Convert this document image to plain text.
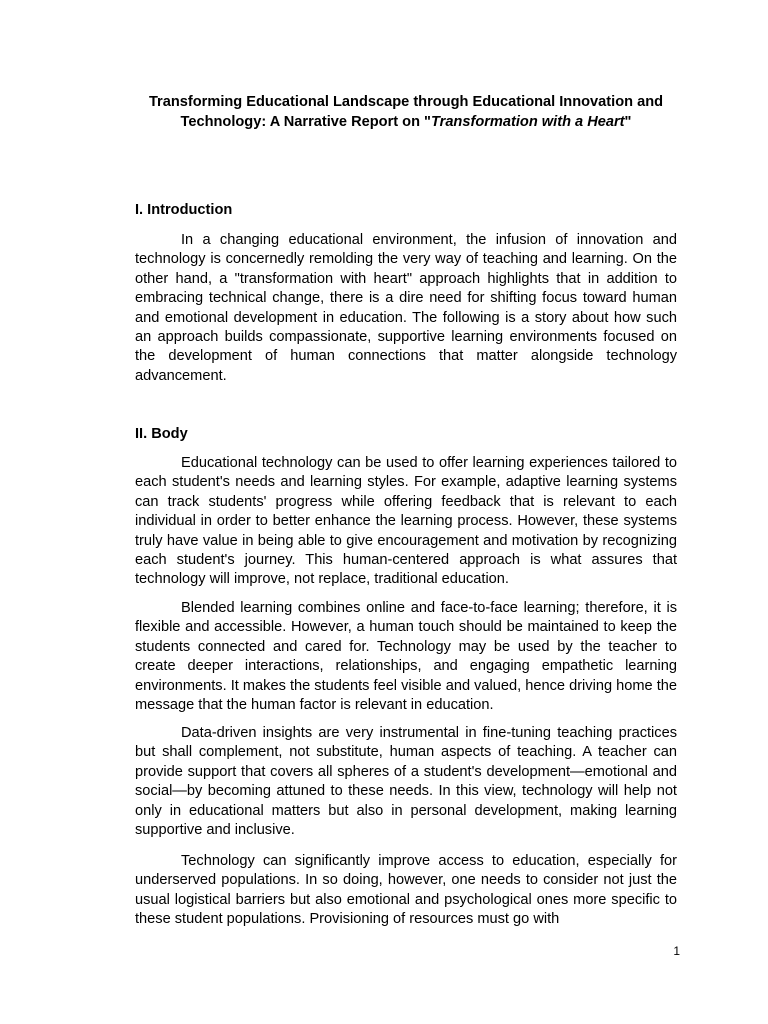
Transforming Educational Landscape through Educational Innovation and
Technology: A Narrative Report on "Transformation with a Heart"
I. Introduction

In a changing educational environment, the infusion of innovation and technology is concernedly remolding the very way of teaching and learning. On the other hand, a "transformation with heart" approach highlights that in addition to embracing technical change, there is a dire need for shifting focus toward human and emotional development in education. The following is a story about how such an approach builds compassionate, supportive learning environments focused on the development of human connections that matter alongside technology advancement.

II. Body

Educational technology can be used to offer learning experiences tailored to each student's needs and learning styles. For example, adaptive learning systems can track students' progress while offering feedback that is relevant to each individual in order to better enhance the learning process. However, these systems truly have value in being able to give encouragement and motivation by recognizing each student's journey. This human-centered approach is what assures that technology will improve, not replace, traditional education.

Blended learning combines online and face-to-face learning; therefore, it is flexible and accessible. However, a human touch should be maintained to keep the students connected and cared for. Technology may be used by the teacher to create deeper interactions, relationships, and engaging empathetic learning environments. It makes the students feel visible and valued, hence driving home the message that the human factor is relevant in education.

Data-driven insights are very instrumental in fine-tuning teaching practices but shall complement, not substitute, human aspects of teaching. A teacher can provide support that covers all spheres of a student's development—emotional and social—by becoming attuned to these needs. In this view, technology will help not only in educational matters but also in personal development, making learning supportive and inclusive.

Technology can significantly improve access to education, especially for underserved populations. In so doing, however, one needs to consider not just the usual logistical barriers but also emotional and psychological ones more specific to these student populations. Provisioning of resources must go with

1
